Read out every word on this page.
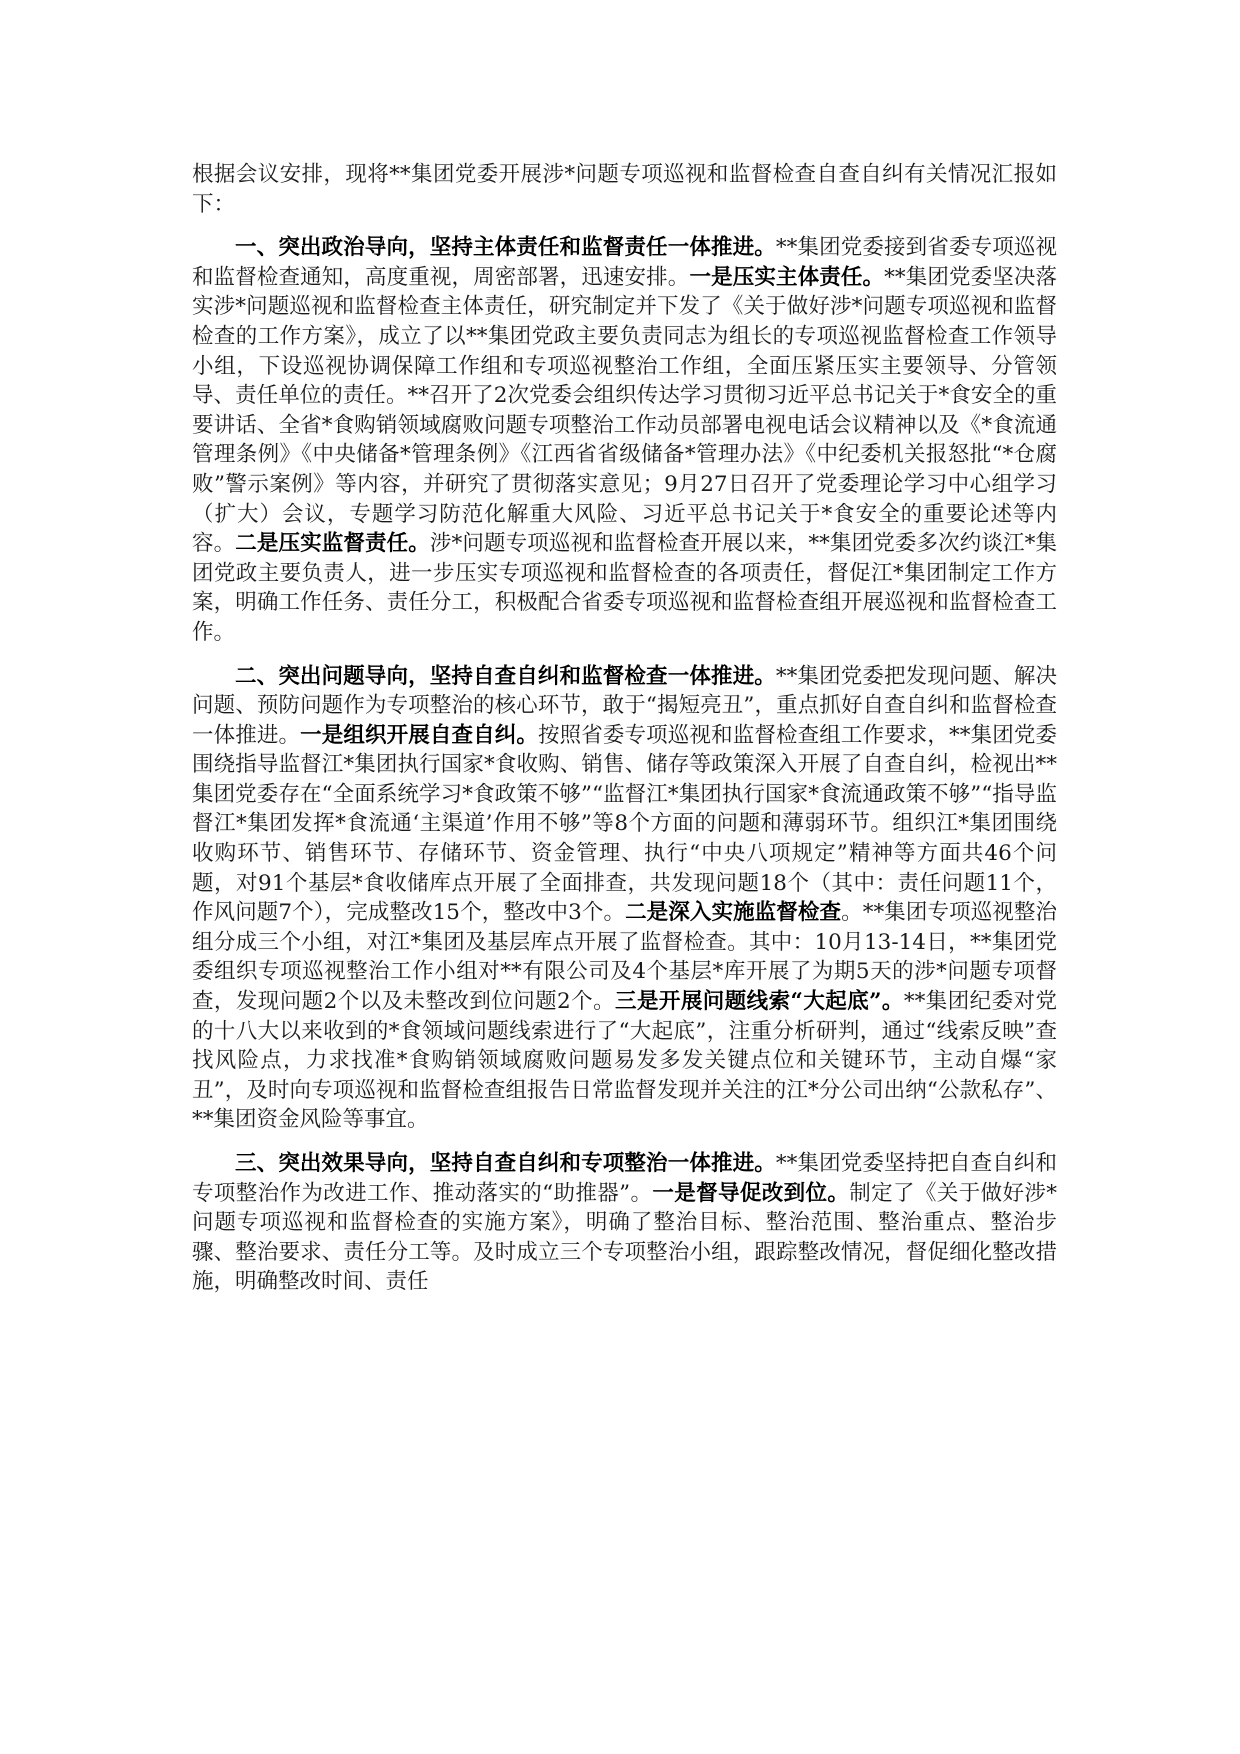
根据会议安排，现将**集团党委开展涉*问题专项巡视和监督检查自查自纠有关情况汇报如下：

一、突出政治导向，坚持主体责任和监督责任一体推进。**集团党委接到省委专项巡视和监督检查通知，高度重视，周密部署，迅速安排。一是压实主体责任。**集团党委坚决落实涉*问题巡视和监督检查主体责任，研究制定并下发了《关于做好涉*问题专项巡视和监督检查的工作方案》，成立了以**集团党政主要负责同志为组长的专项巡视监督检查工作领导小组，下设巡视协调保障工作组和专项巡视整治工作组，全面压紧压实主要领导、分管领导、责任单位的责任。**召开了2次党委会组织传达学习贯彻习近平总书记关于*食安全的重要讲话、全省*食购销领域腐败问题专项整治工作动员部署电视电话会议精神以及《*食流通管理条例》《中央储备*管理条例》《江西省省级储备*管理办法》《中纪委机关报怒批“*仓腐败”警示案例》等内容，并研究了贯彻落实意见；9月27日召开了党委理论学习中心组学习（扩大）会议，专题学习防范化解重大风险、习近平总书记关于*食安全的重要论述等内容。二是压实监督责任。涉*问题专项巡视和监督检查开展以来，**集团党委多次约谈江*集团党政主要负责人，进一步压实专项巡视和监督检查的各项责任，督促江*集团制定工作方案，明确工作任务、责任分工，积极配合省委专项巡视和监督检查组开展巡视和监督检查工作。

二、突出问题导向，坚持自查自纠和监督检查一体推进。**集团党委把发现问题、解决问题、预防问题作为专项整治的核心环节，敢于“揭短亮丑”，重点抓好自查自纠和监督检查一体推进。一是组织开展自查自纠。按照省委专项巡视和监督检查组工作要求，**集团党委围绕指导监督江*集团执行国家*食收购、销售、储存等政策深入开展了自查自纠，检视出**集团党委存在“全面系统学习*食政策不够”“监督江*集团执行国家*食流通政策不够”“指导监督江*集团发挥*食流通‘主渠道’作用不够”等8个方面的问题和薄弱环节。组织江*集团围绕收购环节、销售环节、存储环节、资金管理、执行“中央八项规定”精神等方面共46个问题，对91个基层*食收储库点开展了全面排查，共发现问题18个（其中：责任问题11个，作风问题7个），完成整改15个，整改中3个。二是深入实施监督检查。**集团专项巡视整治组分成三个小组，对江*集团及基层库点开展了监督检查。其中：10月13-14日，**集团党委组织专项巡视整治工作小组对**有限公司及4个基层*库开展了为期5天的涉*问题专项督查，发现问题2个以及未整改到位问题2个。三是开展问题线索“大起底”。**集团纪委对党的十八大以来收到的*食领域问题线索进行了“大起底”，注重分析研判，通过“线索反映”查找风险点，力求找准*食购销领域腐败问题易发多发关键点位和关键环节，主动自爆“家丑”，及时向专项巡视和监督检查组报告日常监督发现并关注的江*分公司出纳“公款私存”、**集团资金风险等事宜。

三、突出效果导向，坚持自查自纠和专项整治一体推进。**集团党委坚持把自查自纠和专项整治作为改进工作、推动落实的“助推器”。一是督导促改到位。制定了《关于做好涉*问题专项巡视和监督检查的实施方案》，明确了整治目标、整治范围、整治重点、整治步骤、整治要求、责任分工等。及时成立三个专项整治小组，跟踪整改情况，督促细化整改措施，明确整改时间、责任
